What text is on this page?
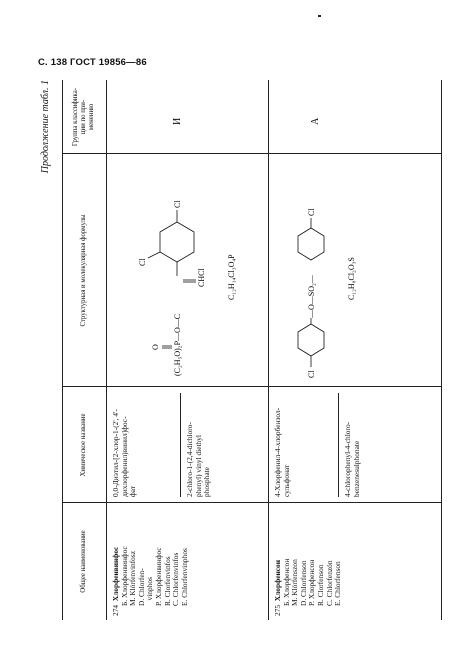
С. 138 ГОСТ 19856—86
Продолжение табл. 1
Общее наименование
Химическое название
Структурная и молекулярная формулы
Группа классифика-
ции по при-
менению
274  Хлорфенвинфос Б. Хлорфенвинфос М. Klórfenvinfosz D. Chlorfen- vinphos Р. Хлорфенвинфос R. Clorfenvinfos C. Chlorfenvinfos E. Chlorfenvinphos
0,0-Диэтил-[2-хлор-1-(2', 4'- дихлорфенил)винил]фос- фат	2-chloro-1-(2,4-dichloro- phenyl) vinyl diethyl phosphate
O (C₂H₅O)₂P—O—C
CHCl
Cl
Cl
C₁₂H₁₄Cl₃O₄P
И
275  Хлорфенсон Б. Хлорфенсон М. Klórfenszon D. Chlorfenson Р. Хлорфенсон R. Clorfenson C. Chlorfenzón E. Chlorfenson
4-Хлорфенил-4-хлорбензол- сульфонат	4-chlorophenyl-4-chloro- benzenesulphonate
Cl
—O—SO₂—
Cl
C₁₂H₈Cl₂O₃S
А
